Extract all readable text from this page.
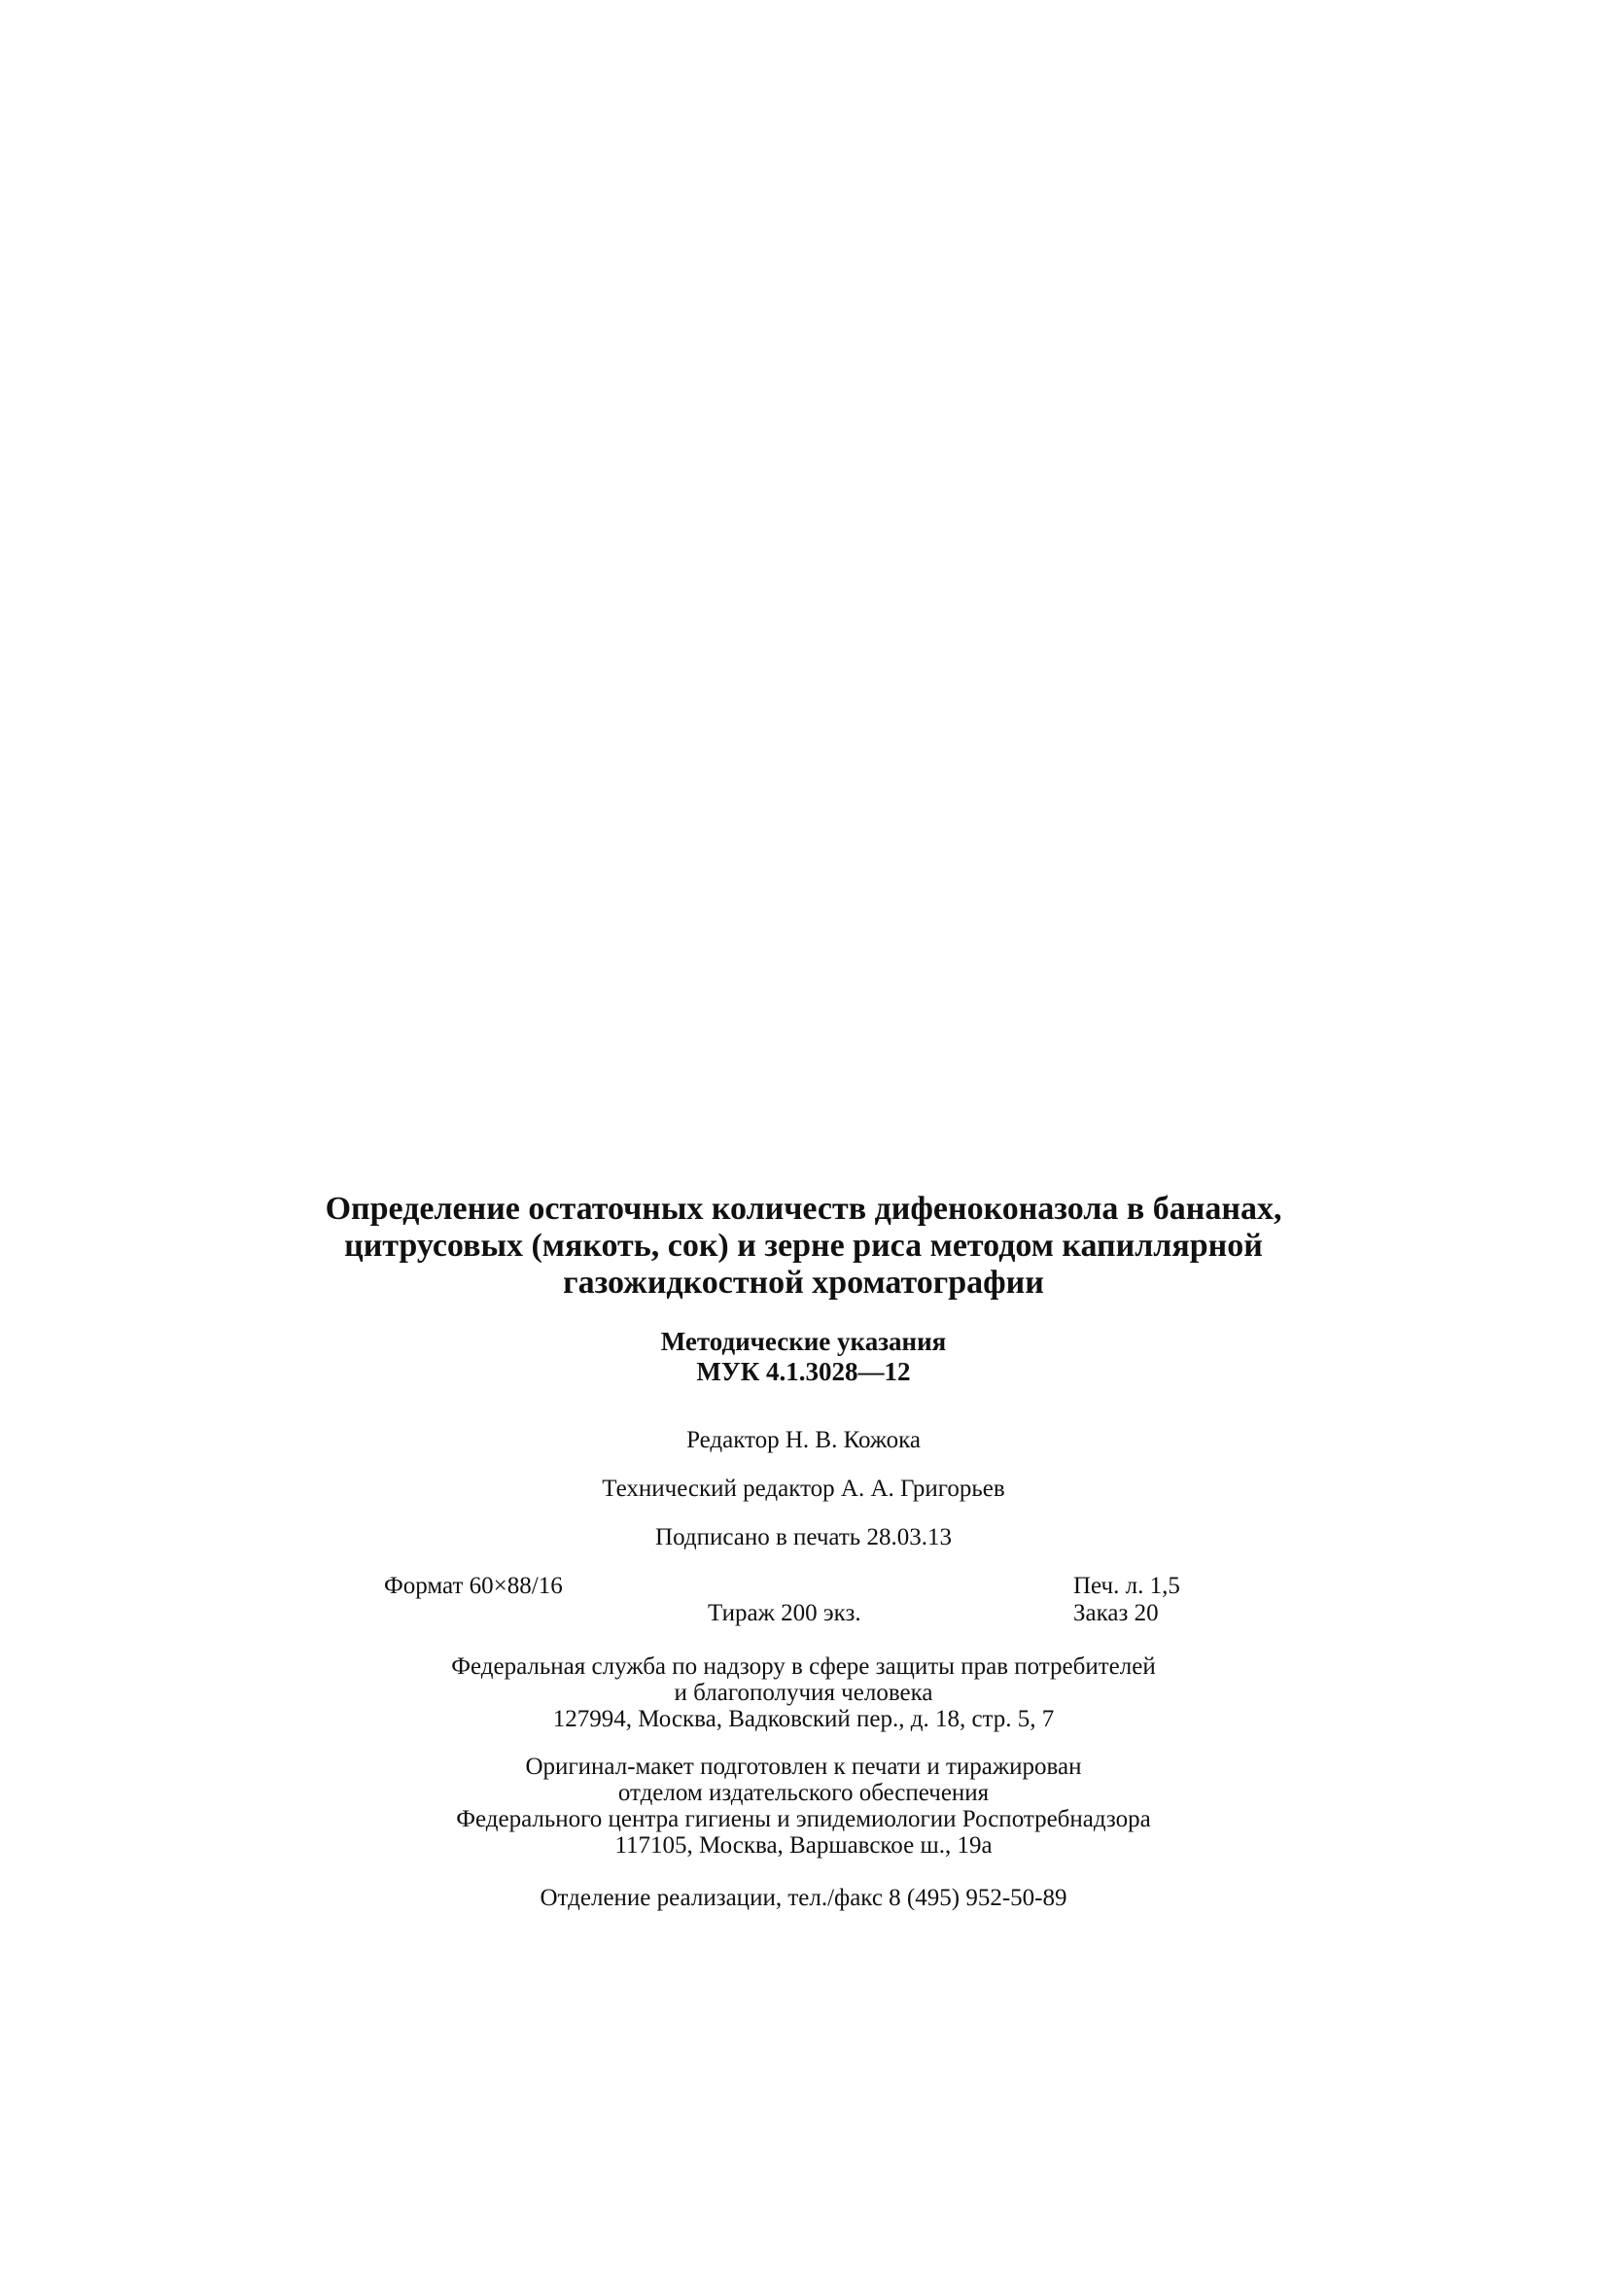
Определение остаточных количеств дифеноконазола в бананах,
цитрусовых (мякоть, сок) и зерне риса методом капиллярной
газожидкостной хроматографии
Методические указания
МУК 4.1.3028—12
Редактор Н. В. Кожока
Технический редактор А. А. Григорьев
Подписано в печать 28.03.13
Формат 60×88/16
Тираж 200 экз.
Печ. л. 1,5
Заказ 20
Федеральная служба по надзору в сфере защиты прав потребителей
и благополучия человека
127994, Москва, Вадковский пер., д. 18, стр. 5, 7
Оригинал-макет подготовлен к печати и тиражирован
отделом издательского обеспечения
Федерального центра гигиены и эпидемиологии Роспотребнадзора
117105, Москва, Варшавское ш., 19а
Отделение реализации, тел./факс 8 (495) 952-50-89
